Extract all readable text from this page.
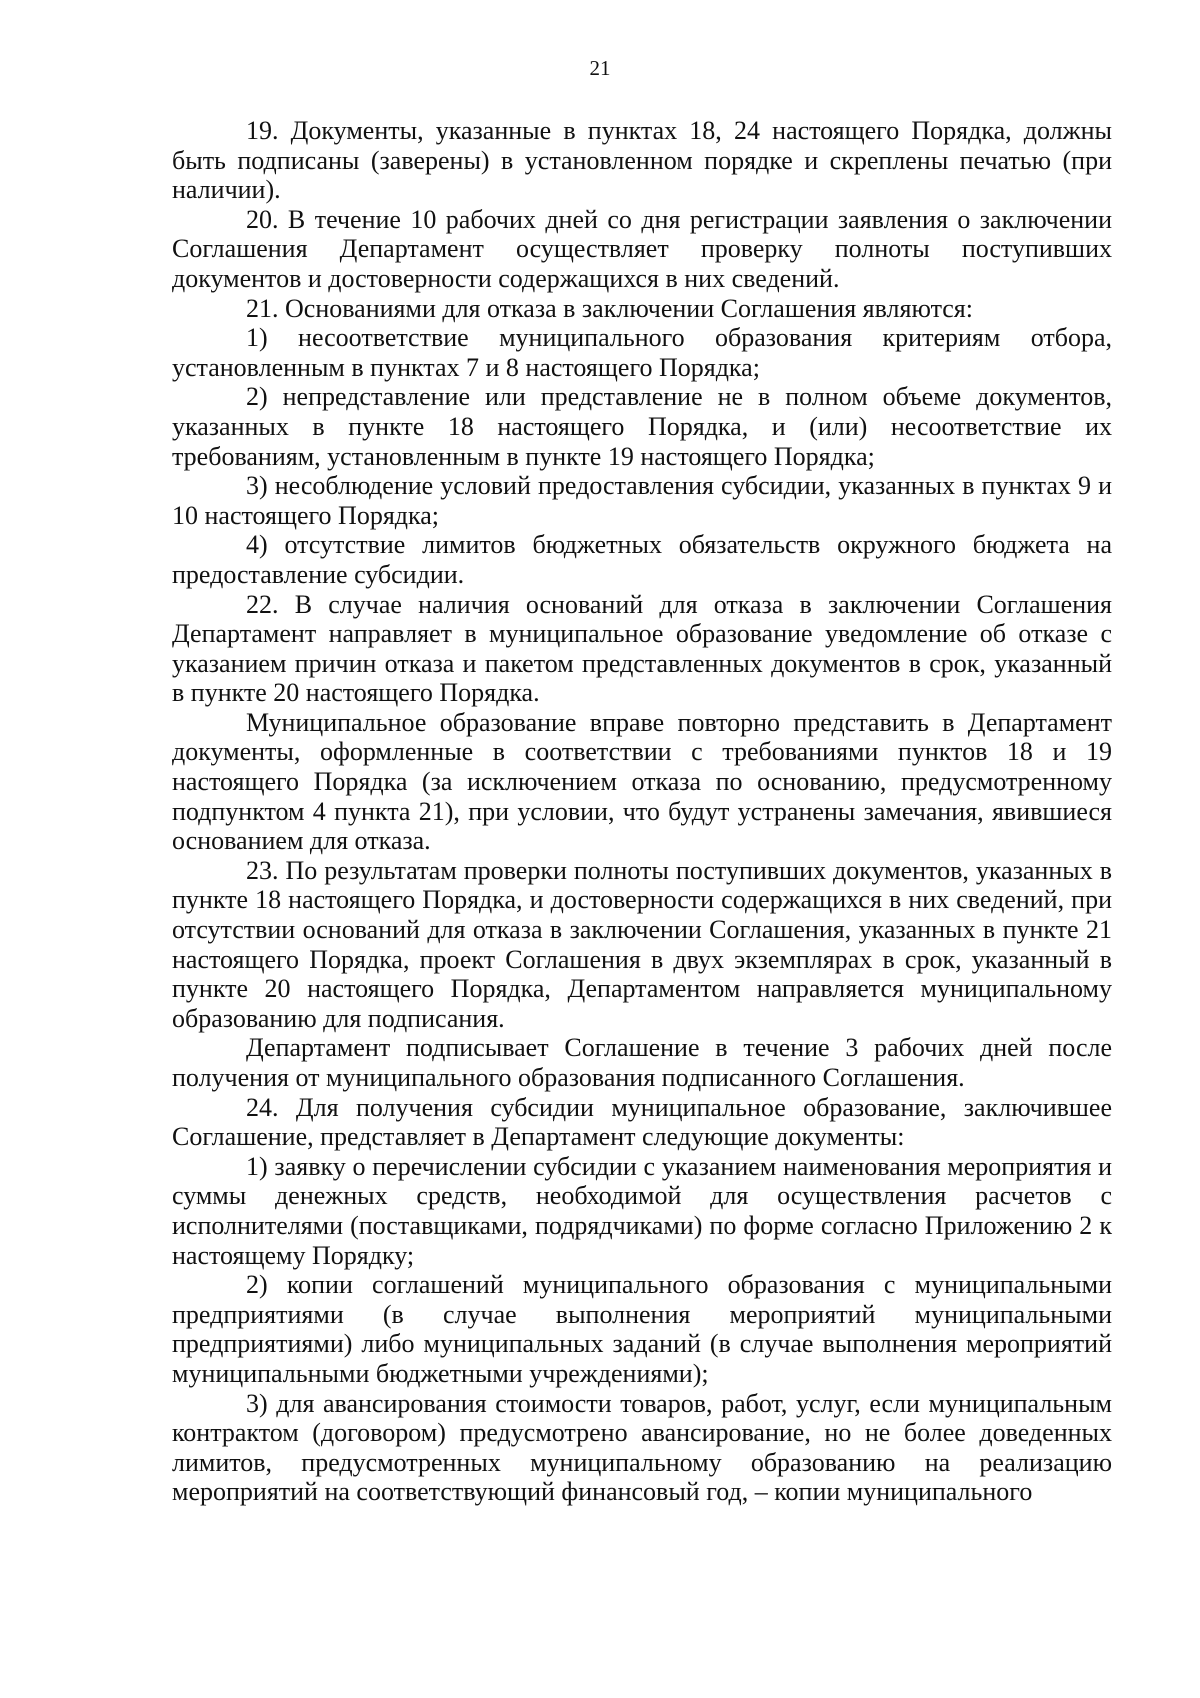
21

19. Документы, указанные в пунктах 18, 24 настоящего Порядка, должны быть подписаны (заверены) в установленном порядке и скреплены печатью (при наличии).

20. В течение 10 рабочих дней со дня регистрации заявления о заключении Соглашения Департамент осуществляет проверку полноты поступивших документов и достоверности содержащихся в них сведений.

21. Основаниями для отказа в заключении Соглашения являются:

1) несоответствие муниципального образования критериям отбора, установленным в пунктах 7 и 8 настоящего Порядка;

2) непредставление или представление не в полном объеме документов, указанных в пункте 18 настоящего Порядка, и (или) несоответствие их требованиям, установленным в пункте 19 настоящего Порядка;

3) несоблюдение условий предоставления субсидии, указанных в пунктах 9 и 10 настоящего Порядка;

4) отсутствие лимитов бюджетных обязательств окружного бюджета на предоставление субсидии.

22. В случае наличия оснований для отказа в заключении Соглашения Департамент направляет в муниципальное образование уведомление об отказе с указанием причин отказа и пакетом представленных документов в срок, указанный в пункте 20 настоящего Порядка.

Муниципальное образование вправе повторно представить в Департамент документы, оформленные в соответствии с требованиями пунктов 18 и 19 настоящего Порядка (за исключением отказа по основанию, предусмотренному подпунктом 4 пункта 21), при условии, что будут устранены замечания, явившиеся основанием для отказа.

23. По результатам проверки полноты поступивших документов, указанных в пункте 18 настоящего Порядка, и достоверности содержащихся в них сведений, при отсутствии оснований для отказа в заключении Соглашения, указанных в пункте 21 настоящего Порядка, проект Соглашения в двух экземплярах в срок, указанный в пункте 20 настоящего Порядка, Департаментом направляется муниципальному образованию для подписания.

Департамент подписывает Соглашение в течение 3 рабочих дней после получения от муниципального образования подписанного Соглашения.

24. Для получения субсидии муниципальное образование, заключившее Соглашение, представляет в Департамент следующие документы:

1) заявку о перечислении субсидии с указанием наименования мероприятия и суммы денежных средств, необходимой для осуществления расчетов с исполнителями (поставщиками, подрядчиками) по форме согласно Приложению 2 к настоящему Порядку;

2) копии соглашений муниципального образования с муниципальными предприятиями (в случае выполнения мероприятий муниципальными предприятиями) либо муниципальных заданий (в случае выполнения мероприятий муниципальными бюджетными учреждениями);

3) для авансирования стоимости товаров, работ, услуг, если муниципальным контрактом (договором) предусмотрено авансирование, но не более доведенных лимитов, предусмотренных муниципальному образованию на реализацию мероприятий на соответствующий финансовый год, – копии муниципального
